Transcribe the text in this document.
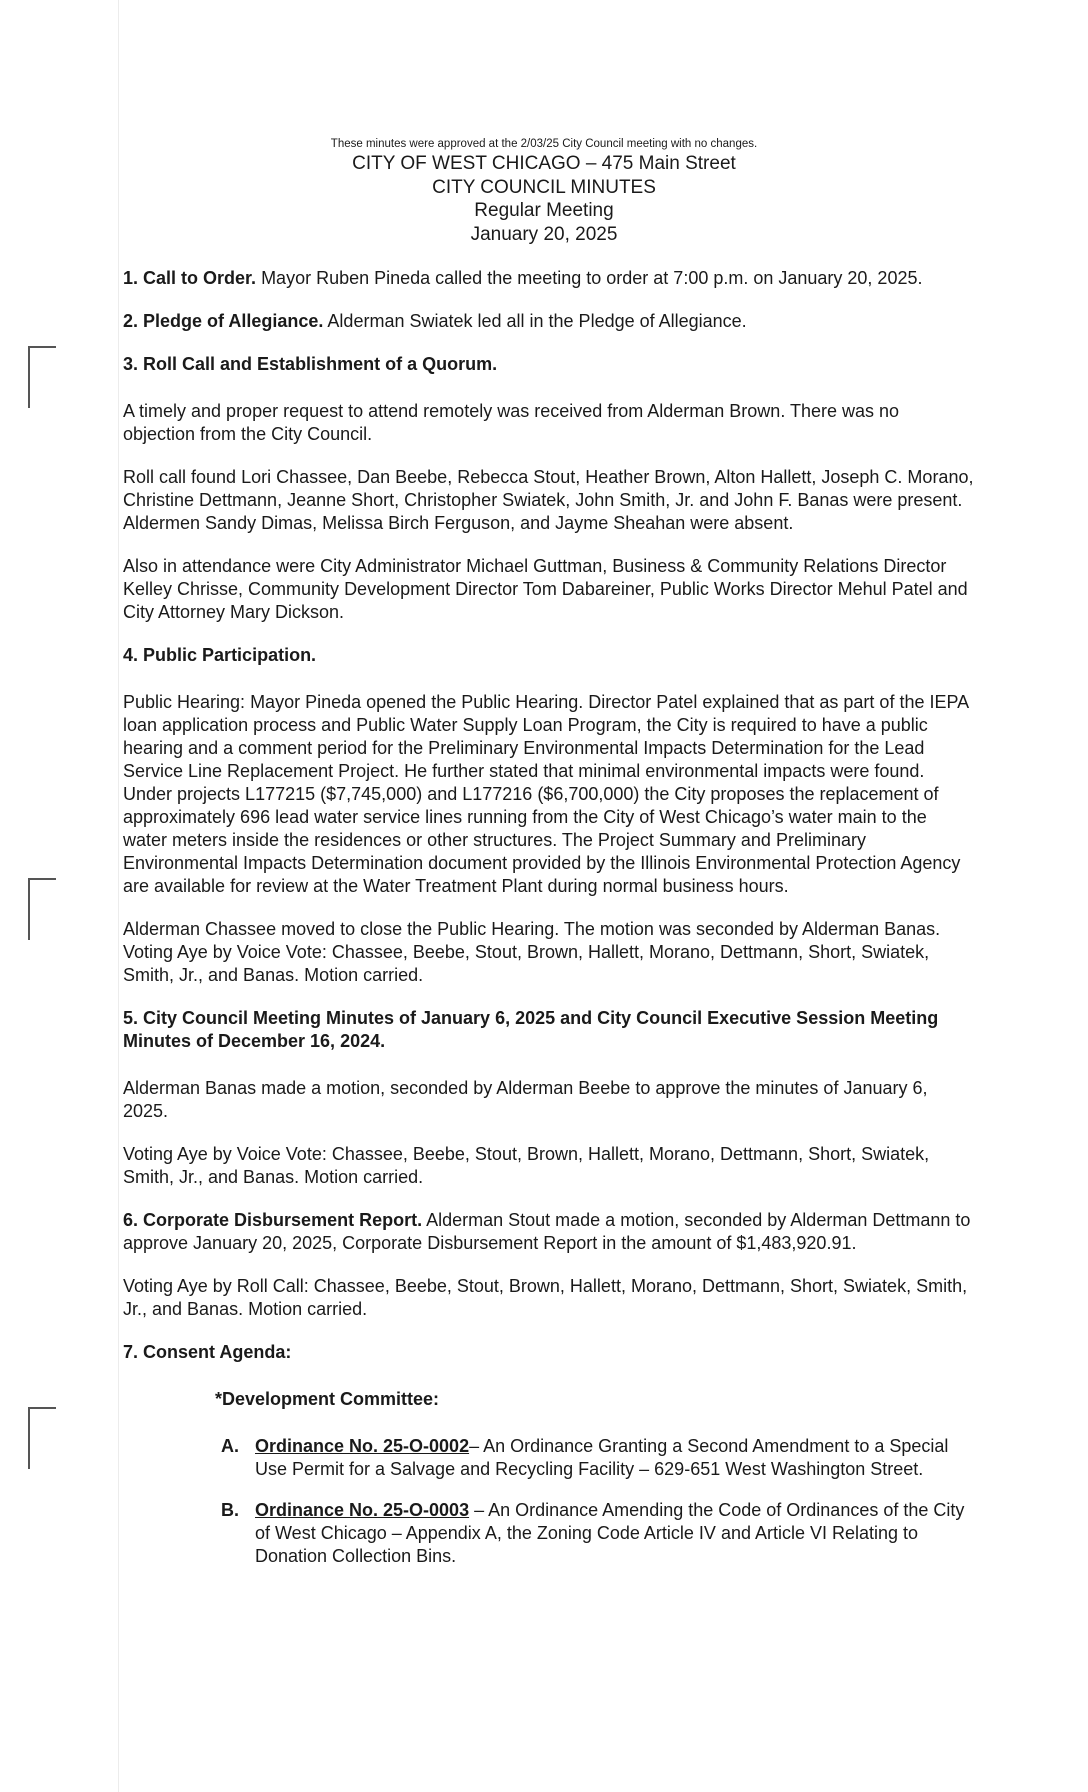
These minutes were approved at the 2/03/25 City Council meeting with no changes.
CITY OF WEST CHICAGO – 475 Main Street
CITY COUNCIL MINUTES
Regular Meeting
January 20, 2025

1. Call to Order. Mayor Ruben Pineda called the meeting to order at 7:00 p.m. on January 20, 2025.

2. Pledge of Allegiance. Alderman Swiatek led all in the Pledge of Allegiance.

3. Roll Call and Establishment of a Quorum.

A timely and proper request to attend remotely was received from Alderman Brown. There was no objection from the City Council.

Roll call found Lori Chassee, Dan Beebe, Rebecca Stout, Heather Brown, Alton Hallett, Joseph C. Morano, Christine Dettmann, Jeanne Short, Christopher Swiatek, John Smith, Jr. and John F. Banas were present. Aldermen Sandy Dimas, Melissa Birch Ferguson, and Jayme Sheahan were absent.

Also in attendance were City Administrator Michael Guttman, Business & Community Relations Director Kelley Chrisse, Community Development Director Tom Dabareiner, Public Works Director Mehul Patel and City Attorney Mary Dickson.

4. Public Participation.

Public Hearing: Mayor Pineda opened the Public Hearing. Director Patel explained that as part of the IEPA loan application process and Public Water Supply Loan Program, the City is required to have a public hearing and a comment period for the Preliminary Environmental Impacts Determination for the Lead Service Line Replacement Project. He further stated that minimal environmental impacts were found. Under projects L177215 ($7,745,000) and L177216 ($6,700,000) the City proposes the replacement of approximately 696 lead water service lines running from the City of West Chicago’s water main to the water meters inside the residences or other structures. The Project Summary and Preliminary Environmental Impacts Determination document provided by the Illinois Environmental Protection Agency are available for review at the Water Treatment Plant during normal business hours.

Alderman Chassee moved to close the Public Hearing. The motion was seconded by Alderman Banas. Voting Aye by Voice Vote: Chassee, Beebe, Stout, Brown, Hallett, Morano, Dettmann, Short, Swiatek, Smith, Jr., and Banas. Motion carried.

5. City Council Meeting Minutes of January 6, 2025 and City Council Executive Session Meeting Minutes of December 16, 2024.

Alderman Banas made a motion, seconded by Alderman Beebe to approve the minutes of January 6, 2025.

Voting Aye by Voice Vote: Chassee, Beebe, Stout, Brown, Hallett, Morano, Dettmann, Short, Swiatek, Smith, Jr., and Banas. Motion carried.

6. Corporate Disbursement Report. Alderman Stout made a motion, seconded by Alderman Dettmann to approve January 20, 2025, Corporate Disbursement Report in the amount of $1,483,920.91.

Voting Aye by Roll Call: Chassee, Beebe, Stout, Brown, Hallett, Morano, Dettmann, Short, Swiatek, Smith, Jr., and Banas. Motion carried.

7. Consent Agenda:

*Development Committee:

A. Ordinance No. 25-O-0002– An Ordinance Granting a Second Amendment to a Special Use Permit for a Salvage and Recycling Facility – 629-651 West Washington Street.
B. Ordinance No. 25-O-0003 – An Ordinance Amending the Code of Ordinances of the City of West Chicago – Appendix A, the Zoning Code Article IV and Article VI Relating to Donation Collection Bins.
